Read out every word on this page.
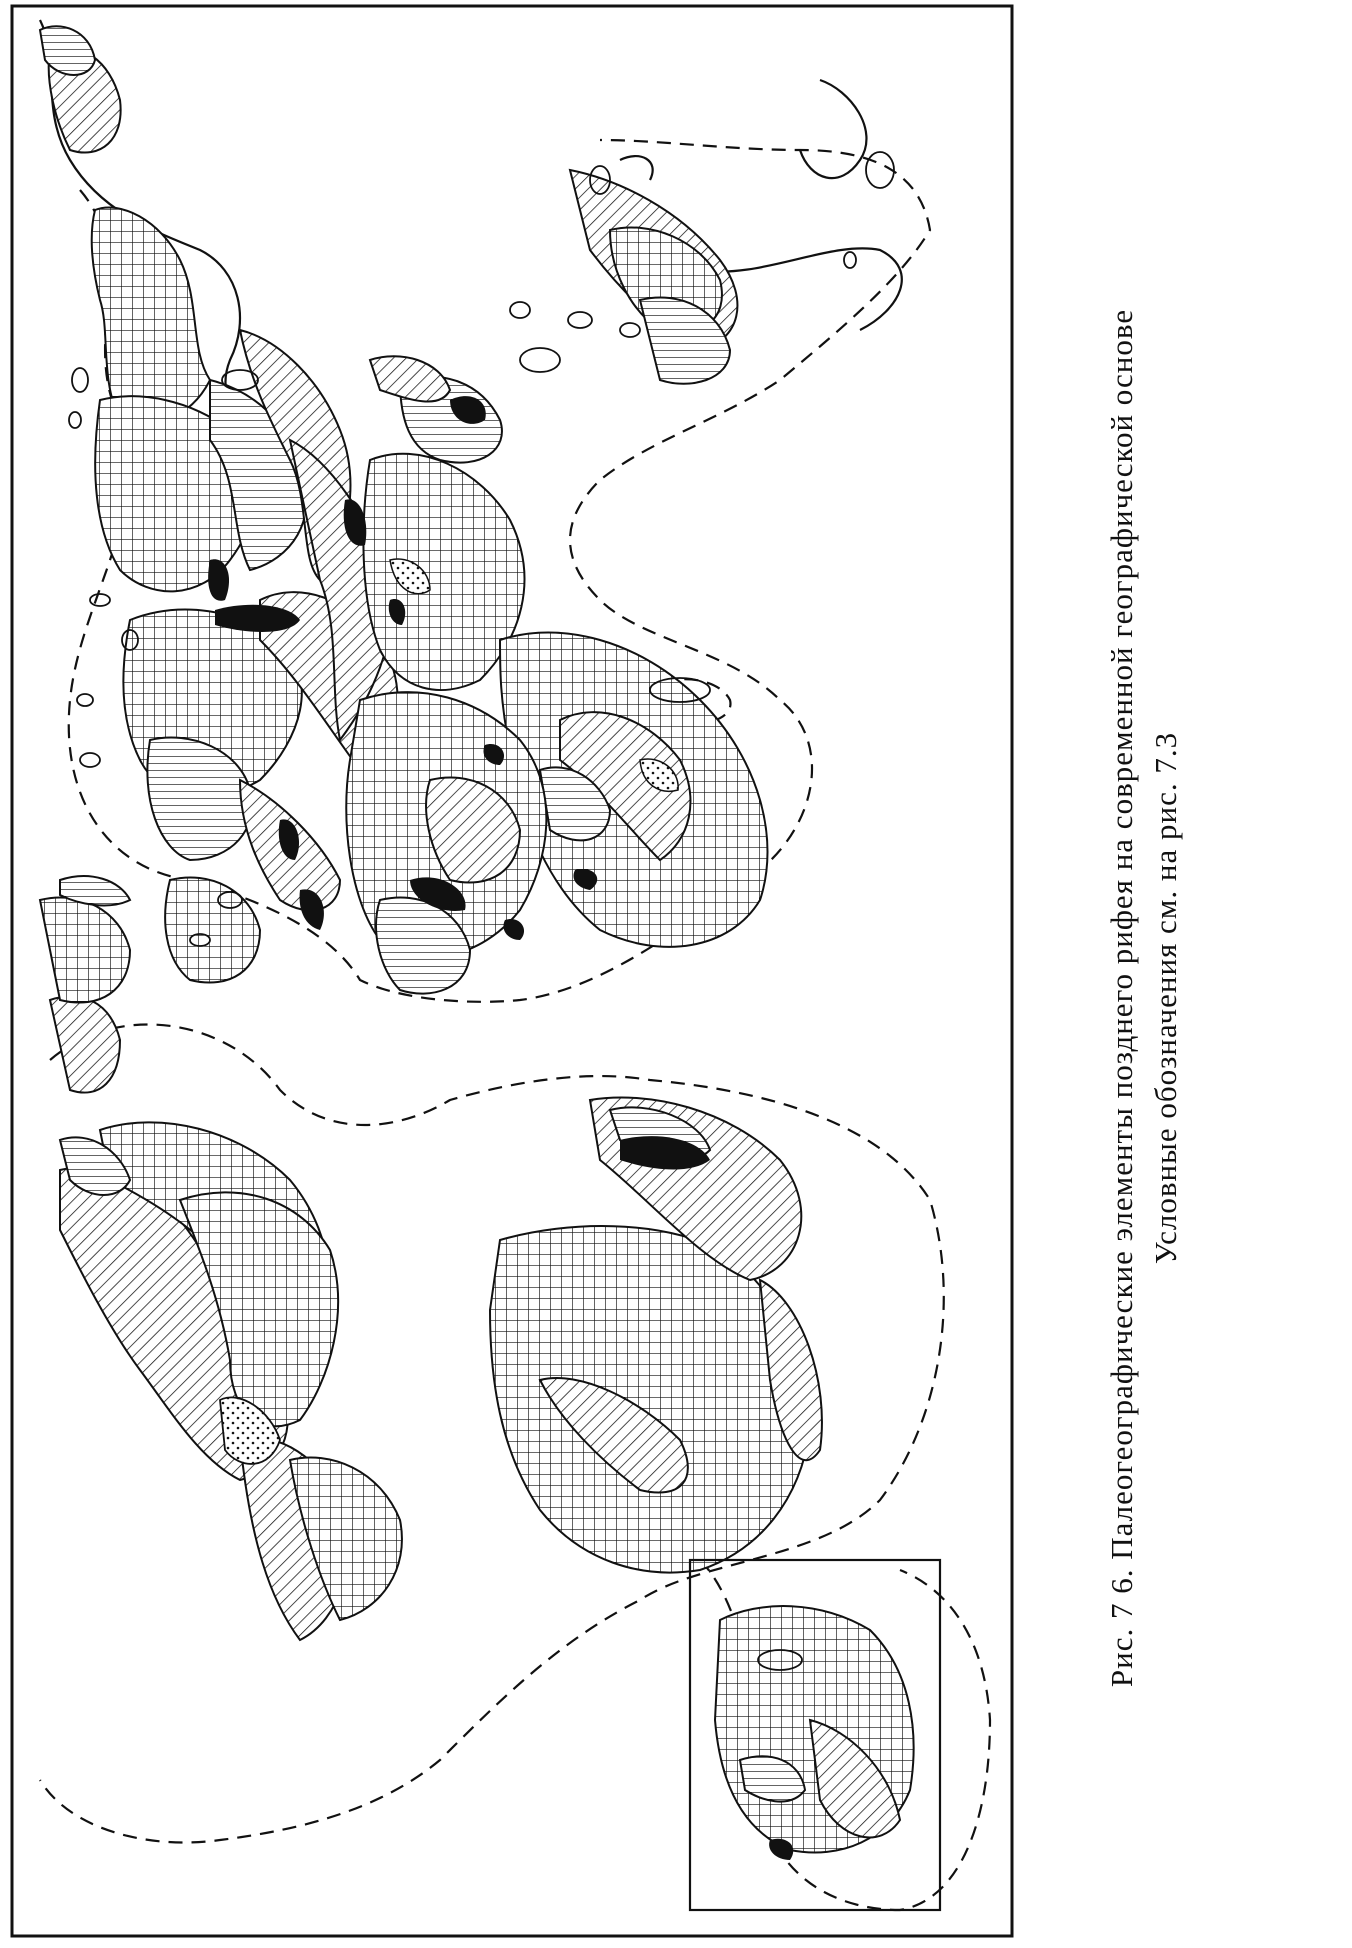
Рис. 7 6. Палеогеографические элементы позднего рифея на современной географической основе Условные обозначения см. на рис. 7.3
